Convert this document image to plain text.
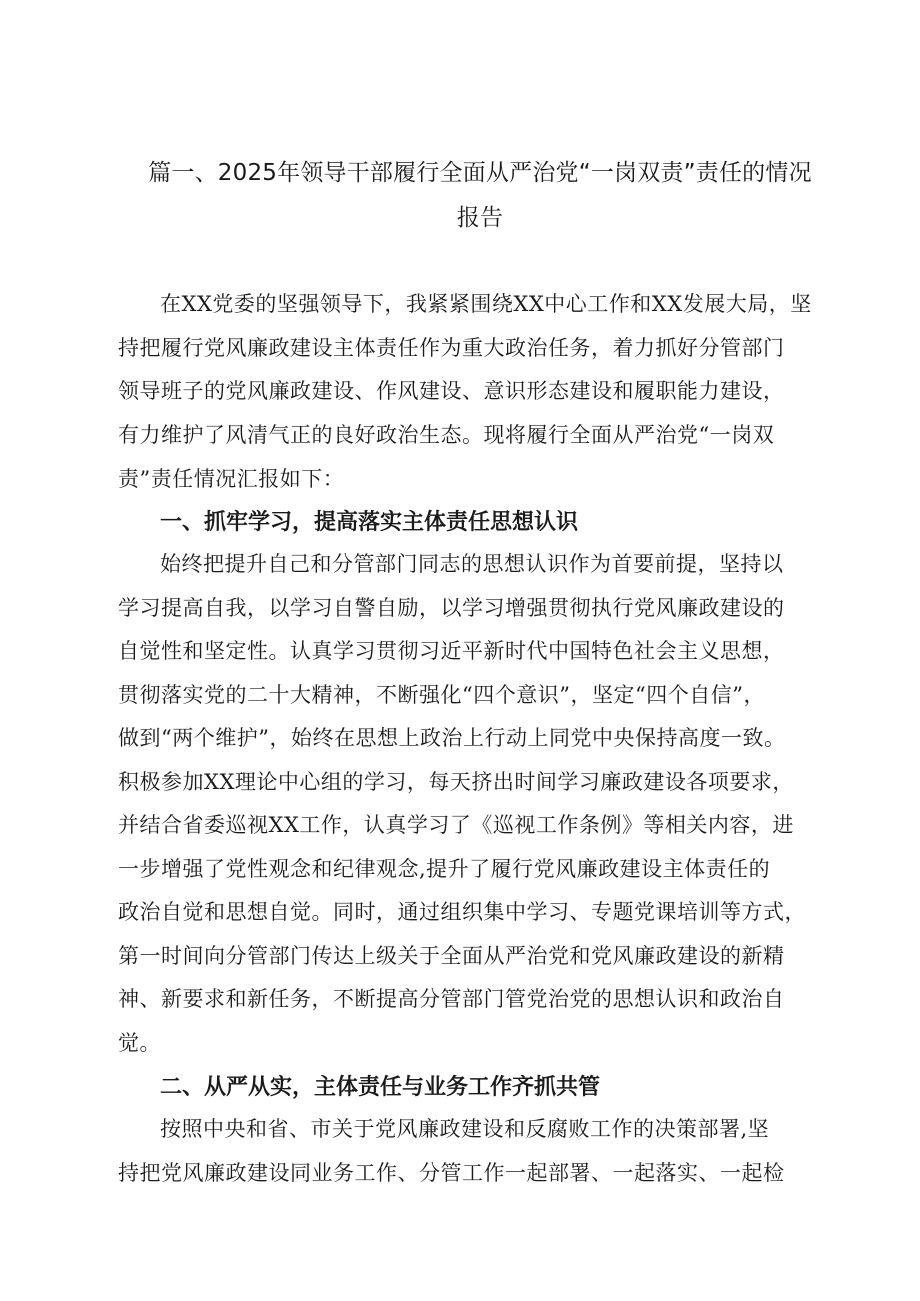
篇一、2025年领导干部履行全面从严治党“一岗双责”责任的情况
报告

在XX党委的坚强领导下，我紧紧围绕XX中心工作和XX发展大局，坚

持把履行党风廉政建设主体责任作为重大政治任务，着力抓好分管部门

领导班子的党风廉政建设、作风建设、意识形态建设和履职能力建设，

有力维护了风清气正的良好政治生态。现将履行全面从严治党“一岗双

责”责任情况汇报如下：

一、抓牢学习，提高落实主体责任思想认识

始终把提升自己和分管部门同志的思想认识作为首要前提，坚持以

学习提高自我，以学习自警自励，以学习增强贯彻执行党风廉政建设的

自觉性和坚定性。认真学习贯彻习近平新时代中国特色社会主义思想，

贯彻落实党的二十大精神，不断强化“四个意识”，坚定“四个自信”，

做到“两个维护”，始终在思想上政治上行动上同党中央保持高度一致。

积极参加XX理论中心组的学习，每天挤出时间学习廉政建设各项要求，

并结合省委巡视XX工作，认真学习了《巡视工作条例》等相关内容，进

一步增强了党性观念和纪律观念,提升了履行党风廉政建设主体责任的

政治自觉和思想自觉。同时，通过组织集中学习、专题党课培训等方式，

第一时间向分管部门传达上级关于全面从严治党和党风廉政建设的新精

神、新要求和新任务，不断提高分管部门管党治党的思想认识和政治自

觉。

二、从严从实，主体责任与业务工作齐抓共管

按照中央和省、市关于党风廉政建设和反腐败工作的决策部署,坚

持把党风廉政建设同业务工作、分管工作一起部署、一起落实、一起检
